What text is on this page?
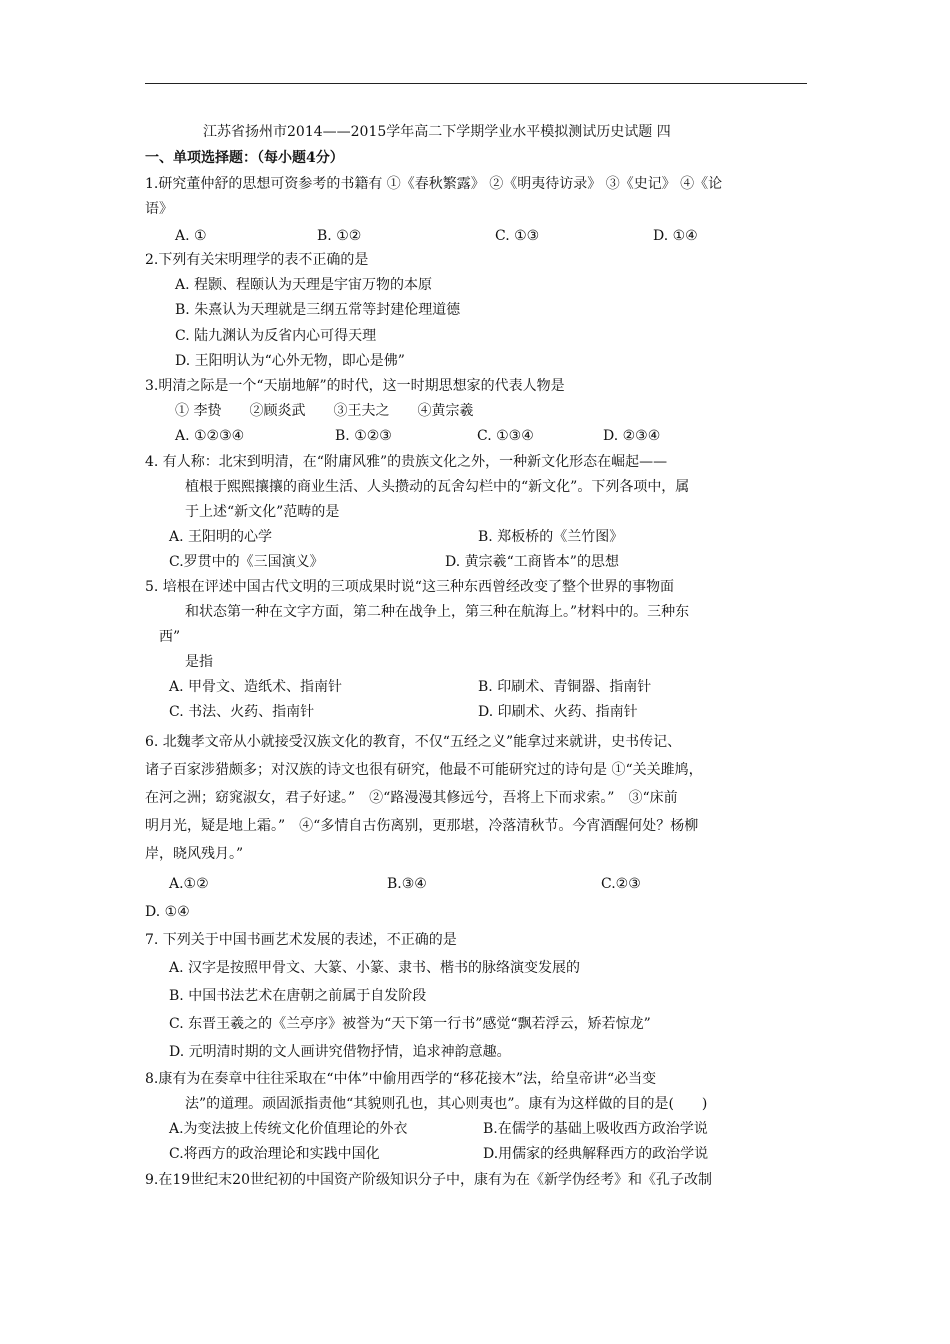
江苏省扬州市2014——2015学年高二下学期学业水平模拟测试历史试题 四
一、单项选择题：（每小题4分）
1.研究董仲舒的思想可资参考的书籍有 ①《春秋繁露》 ②《明夷待访录》 ③《史记》 ④《论
语》
A. ①	B. ①②	C. ①③	D. ①④
2.下列有关宋明理学的表不正确的是
A. 程颢、程颐认为天理是宇宙万物的本原
B. 朱熹认为天理就是三纲五常等封建伦理道德
C. 陆九渊认为反省内心可得天理
D. 王阳明认为“心外无物，即心是佛”
3.明清之际是一个“天崩地解”的时代，这一时期思想家的代表人物是
① 李贽　　②顾炎武　　③王夫之　　④黄宗羲
A. ①②③④	B. ①②③	C. ①③④	D. ②③④
4. 有人称：北宋到明清，在“附庸风雅”的贵族文化之外，一种新文化形态在崛起——
植根于熙熙攘攘的商业生活、人头攒动的瓦舍勾栏中的“新文化”。下列各项中，属
于上述“新文化”范畴的是
A. 王阳明的心学	B. 郑板桥的《兰竹图》
C.罗贯中的《三国演义》	D. 黄宗羲“工商皆本”的思想
5. 培根在评述中国古代文明的三项成果时说“这三种东西曾经改变了整个世界的事物面
和状态第一种在文字方面，第二种在战争上，第三种在航海上。”材料中的。三种东
西”
是指
A. 甲骨文、造纸术、指南针	B. 印刷术、青铜器、指南针
C. 书法、火药、指南针	D. 印刷术、火药、指南针
6. 北魏孝文帝从小就接受汉族文化的教育，不仅“五经之义”能拿过来就讲，史书传记、
诸子百家涉猎颇多；对汉族的诗文也很有研究，他最不可能研究过的诗句是 ①“关关雎鸠，
在河之洲；窈窕淑女，君子好逑。”　②“路漫漫其修远兮，吾将上下而求索。”　③“床前
明月光，疑是地上霜。”　④“多情自古伤离别，更那堪，冷落清秋节。今宵酒醒何处？杨柳
岸，晓风残月。”
A.①②	B.③④	C.②③
D. ①④
7. 下列关于中国书画艺术发展的表述，不正确的是
A. 汉字是按照甲骨文、大篆、小篆、隶书、楷书的脉络演变发展的
B. 中国书法艺术在唐朝之前属于自发阶段
C. 东晋王羲之的《兰亭序》被誉为“天下第一行书”感觉“飘若浮云，矫若惊龙”
D. 元明清时期的文人画讲究借物抒情，追求神韵意趣。
8.康有为在奏章中往往采取在“中体”中偷用西学的“移花接木”法，给皇帝讲“必当变
法”的道理。顽固派指责他“其貌则孔也，其心则夷也”。康有为这样做的目的是(　　)
A.为变法披上传统文化价值理论的外衣	B.在儒学的基础上吸收西方政治学说
C.将西方的政治理论和实践中国化	D.用儒家的经典解释西方的政治学说
9.在19世纪末20世纪初的中国资产阶级知识分子中，康有为在《新学伪经考》和《孔子改制
